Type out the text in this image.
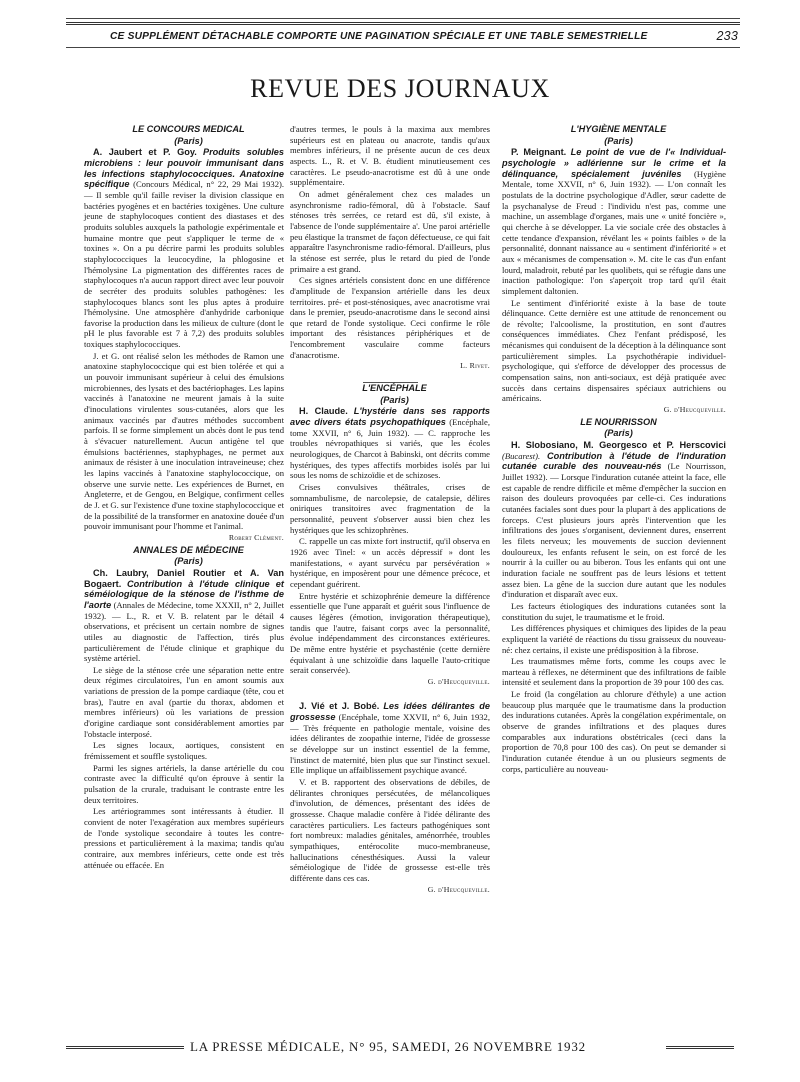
CE SUPPLÉMENT DÉTACHABLE COMPORTE UNE PAGINATION SPÉCIALE ET UNE TABLE SEMESTRIELLE	233
REVUE DES JOURNAUX

LE CONCOURS MEDICAL

(Paris)

A. Jaubert et P. Goy. Produits solubles microbiens : leur pouvoir immunisant dans les infections staphylococciques. Anatoxine spécifique (Concours Médical, n° 22, 29 Mai 1932). — Il semble qu'il faille reviser la division classique en bactéries pyogènes et en bactéries toxigènes. Une culture jeune de staphylocoques contient des diastases et des produits solubles auxquels la pathologie expérimentale et humaine montre que peut s'appliquer le terme de « toxines ». On a pu décrire parmi les produits solubles staphylococciques la leucocydine, la phlogosine et l'hémolysine La pigmentation des différentes races de staphylocoques n'a aucun rapport direct avec leur pouvoir de secréter des produits solubles pathogènes: les staphylocoques blancs sont les plus aptes à produire l'hémolysine. Une atmosphère d'anhydride carbonique favorise la production dans les milieux de culture (dont le pH le plus favorable est 7 à 7,2) des produits solubles toxiques staphylococciques.

J. et G. ont réalisé selon les méthodes de Ramon une anatoxine staphylococcique qui est bien tolérée et qui a un pouvoir immunisant supérieur à celui des émulsions microbiennes, des lysats et des bactériophages. Les lapins vaccinés à l'anatoxine ne meurent jamais à la suite d'inoculations virulentes sous-cutanées, alors que les animaux vaccinés par d'autres méthodes succombent parfois. Il se forme simplement un abcès dont le pus tend à s'évacuer naturellement. Aucun antigène tel que émulsions bactériennes, staphyphages, ne permet aux animaux de résister à une inoculation intraveineuse; chez les lapins vaccinés à l'anatoxine staphylococcique, on observe une survie nette. Les expériences de Burnet, en Angleterre, et de Gengou, en Belgique, confirment celles de J. et G. sur l'existence d'une toxine staphylococcique et de la possibilité de la transformer en anatoxine douée d'un pouvoir immunisant pour l'homme et l'animal.

Robert Clément.

ANNALES DE MÉDECINE

(Paris)

Ch. Laubry, Daniel Routier et A. Van Bogaert. Contribution à l'étude clinique et séméiologique de la sténose de l'isthme de l'aorte (Annales de Médecine, tome XXXII, n° 2, Juillet 1932). — L., R. et V. B. relatent par le détail 4 observations, et précisent un certain nombre de signes utiles au diagnostic de l'affection, tirés plus particulièrement de l'étude clinique et graphique du système artériel.

Le siège de la sténose crée une séparation nette entre deux régimes circulatoires, l'un en amont soumis aux variations de pression de la pompe cardiaque (tête, cou et bras), l'autre en aval (partie du thorax, abdomen et membres inférieurs) où les variations de pression d'origine cardiaque sont considérablement amorties par l'obstacle interposé.

Les signes locaux, aortiques, consistent en frémissement et souffle systoliques.

Parmi les signes artériels, la danse artérielle du cou contraste avec la difficulté qu'on éprouve à sentir la pulsation de la crurale, traduisant le contraste entre les deux territoires.

Les artériogrammes sont intéressants à étudier. Il convient de noter l'exagération aux membres supérieurs de l'onde systolique secondaire à toutes les contre-pressions et particulièrement à la maxima; tandis qu'au contraire, aux membres inférieurs, cette onde est très atténuée ou effacée. En

d'autres termes, le pouls à la maxima aux membres supérieurs est en plateau ou anacrote, tandis qu'aux membres inférieurs, il ne présente aucun de ces deux aspects. L., R. et V. B. étudient minutieusement ces caractères. Le pseudo-anacrotisme est dû à une onde supplémentaire.

On admet généralement chez ces malades un asynchronisme radio-fémoral, dû à l'obstacle. Sauf sténoses très serrées, ce retard est dû, s'il existe, à l'absence de l'onde supplémentaire a'. Une paroi artérielle peu élastique la transmet de façon défectueuse, ce qui fait apparaître l'asynchronisme radio-fémoral. D'ailleurs, plus la sténose est serrée, plus le retard du pied de l'onde primaire a est grand.

Ces signes artériels consistent donc en une différence d'amplitude de l'expansion artérielle dans les deux territoires. pré- et post-sténosiques, avec anacrotisme vrai dans le premier, pseudo-anacrotisme dans le second ainsi que retard de l'onde systolique. Ceci confirme le rôle important des résistances périphériques et de l'encombrement vasculaire comme facteurs d'anacrotisme.

L. Rivet.

L'ENCÉPHALE

(Paris)

H. Claude. L'hystérie dans ses rapports avec divers états psychopathiques (Encéphale, tome XXVII, n° 6, Juin 1932). — C. rapproche les troubles névropathiques si variés, que les écoles neurologiques, de Charcot à Babinski, ont décrits comme hystériques, des types affectifs morbides isolés par lui sous les noms de schizoïdie et de schizoses.

Crises convulsives théâtrales, crises de somnambulisme, de narcolepsie, de catalepsie, délires oniriques transitoires avec fragmentation de la personnalité, peuvent s'observer aussi bien chez les hystériques que les schizophrènes.

C. rappelle un cas mixte fort instructif, qu'il observa en 1926 avec Tinel: « un accès dépressif » dont les manifestations, « ayant survécu par persévération » hystérique, en imposèrent pour une démence précoce, et cependant guérirent.

Entre hystérie et schizophrénie demeure la différence essentielle que l'une apparaît et guérit sous l'influence de causes légères (émotion, invigoration thérapeutique), tandis que l'autre, faisant corps avec la personnalité, évolue indépendamment des circonstances extérieures. De même entre hystérie et psychasténie (cette dernière équivalant à une schizoïdie dans laquelle l'auto-critique serait conservée).

G. d'Heucqueville.

J. Vié et J. Bobé. Les idées délirantes de grossesse (Encéphale, tome XXVII, n° 6, Juin 1932, — Très fréquente en pathologie mentale, voisine des idées délirantes de zoopathie interne, l'idée de grossesse se développe sur un instinct essentiel de la femme, l'instinct de maternité, bien plus que sur l'instinct sexuel. Elle implique un affaiblissement psychique avancé.

V. et B. rapportent des observations de débiles, de délirantes chroniques persécutées, de mélancoliques d'involution, de démences, présentant des idées de grossesse. Chaque maladie confère à l'idée délirante des caractères particuliers. Les facteurs pathogéniques sont fort nombreux: maladies génitales, aménorrhée, troubles sympathiques, entérocolite muco-membraneuse, hallucinations cénesthésiques. Aussi la valeur séméiologique de l'idée de grossesse est-elle très différente dans ces cas.

G. d'Heucqueville.

L'HYGIÈNE MENTALE

(Paris)

P. Meignant. Le point de vue de l'« Individual-psychologie » adlérienne sur le crime et la délinquance, spécialement juvéniles (Hygiène Mentale, tome XXVII, n° 6, Juin 1932). — L'on connaît les postulats de la doctrine psychologique d'Adler, sœur cadette de la psychanalyse de Freud : l'individu n'est pas, comme une machine, un assemblage d'organes, mais une « unité foncière », qui cherche à se développer. La vie sociale crée des obstacles à cette tendance d'expansion, révélant les « points faibles » de la personnalité, donnant naissance au « sentiment d'infériorité » et aux « mécanismes de compensation ». M. cite le cas d'un enfant lourd, maladroit, rebuté par les quolibets, qui se réfugie dans une inaction pathologique: l'on s'aperçoit trop tard qu'il était simplement daltonien.

Le sentiment d'infériorité existe à la base de toute délinquance. Cette dernière est une attitude de renoncement ou de révolte; l'alcoolisme, la prostitution, en sont d'autres conséquences immédiates. Chez l'enfant prédisposé, les mécanismes qui conduisent de la déception à la délinquance sont particulièrement simples. La psychothérapie individuel-psychologique, qui s'efforce de développer des processus de compensation sains, non anti-sociaux, est déjà pratiquée avec succès dans certains dispensaires spéciaux autrichiens ou américains.

G. d'Heucqueville.

LE NOURRISSON

(Paris)

H. Slobosiano, M. Georgesco et P. Herscovici (Bucarest). Contribution à l'étude de l'induration cutanée curable des nouveau-nés (Le Nourrisson, Juillet 1932). — Lorsque l'induration cutanée atteint la face, elle est capable de rendre difficile et même d'empêcher la succion en raison des douleurs provoquées par celle-ci. Ces indurations cutanées faciales sont dues pour la plupart à des applications de forceps. C'est plusieurs jours après l'intervention que les infiltrations des joues s'organisent, deviennent dures, enserrent les filets nerveux; les mouvements de succion deviennent douloureux, les enfants refusent le sein, on est forcé de les nourrir à la cuiller ou au biberon. Tous les enfants qui ont une induration faciale ne souffrent pas de leurs lésions et tettent assez bien. La gêne de la succion dure autant que les nodules d'induration et disparaît avec eux.

Les facteurs étiologiques des indurations cutanées sont la constitution du sujet, le traumatisme et le froid.

Les différences physiques et chimiques des lipides de la peau expliquent la variété de réactions du tissu graisseux du nouveau-né: chez certains, il existe une prédisposition à la fibrose.

Les traumatismes même forts, comme les coups avec le marteau à réflexes, ne déterminent que des infiltrations de faible intensité et seulement dans la proportion de 39 pour 100 des cas.

Le froid (la congélation au chlorure d'éthyle) a une action beaucoup plus marquée que le traumatisme dans la production des indurations cutanées. Après la congélation expérimentale, on observe de grandes infiltrations et des plaques dures comparables aux indurations obstétricales (ceci dans la proportion de 70,8 pour 100 des cas). On peut se demander si l'induration cutanée étendue à un ou plusieurs segments de corps, particulière au nouveau-

LA PRESSE MÉDICALE, N° 95, SAMEDI, 26 NOVEMBRE 1932
